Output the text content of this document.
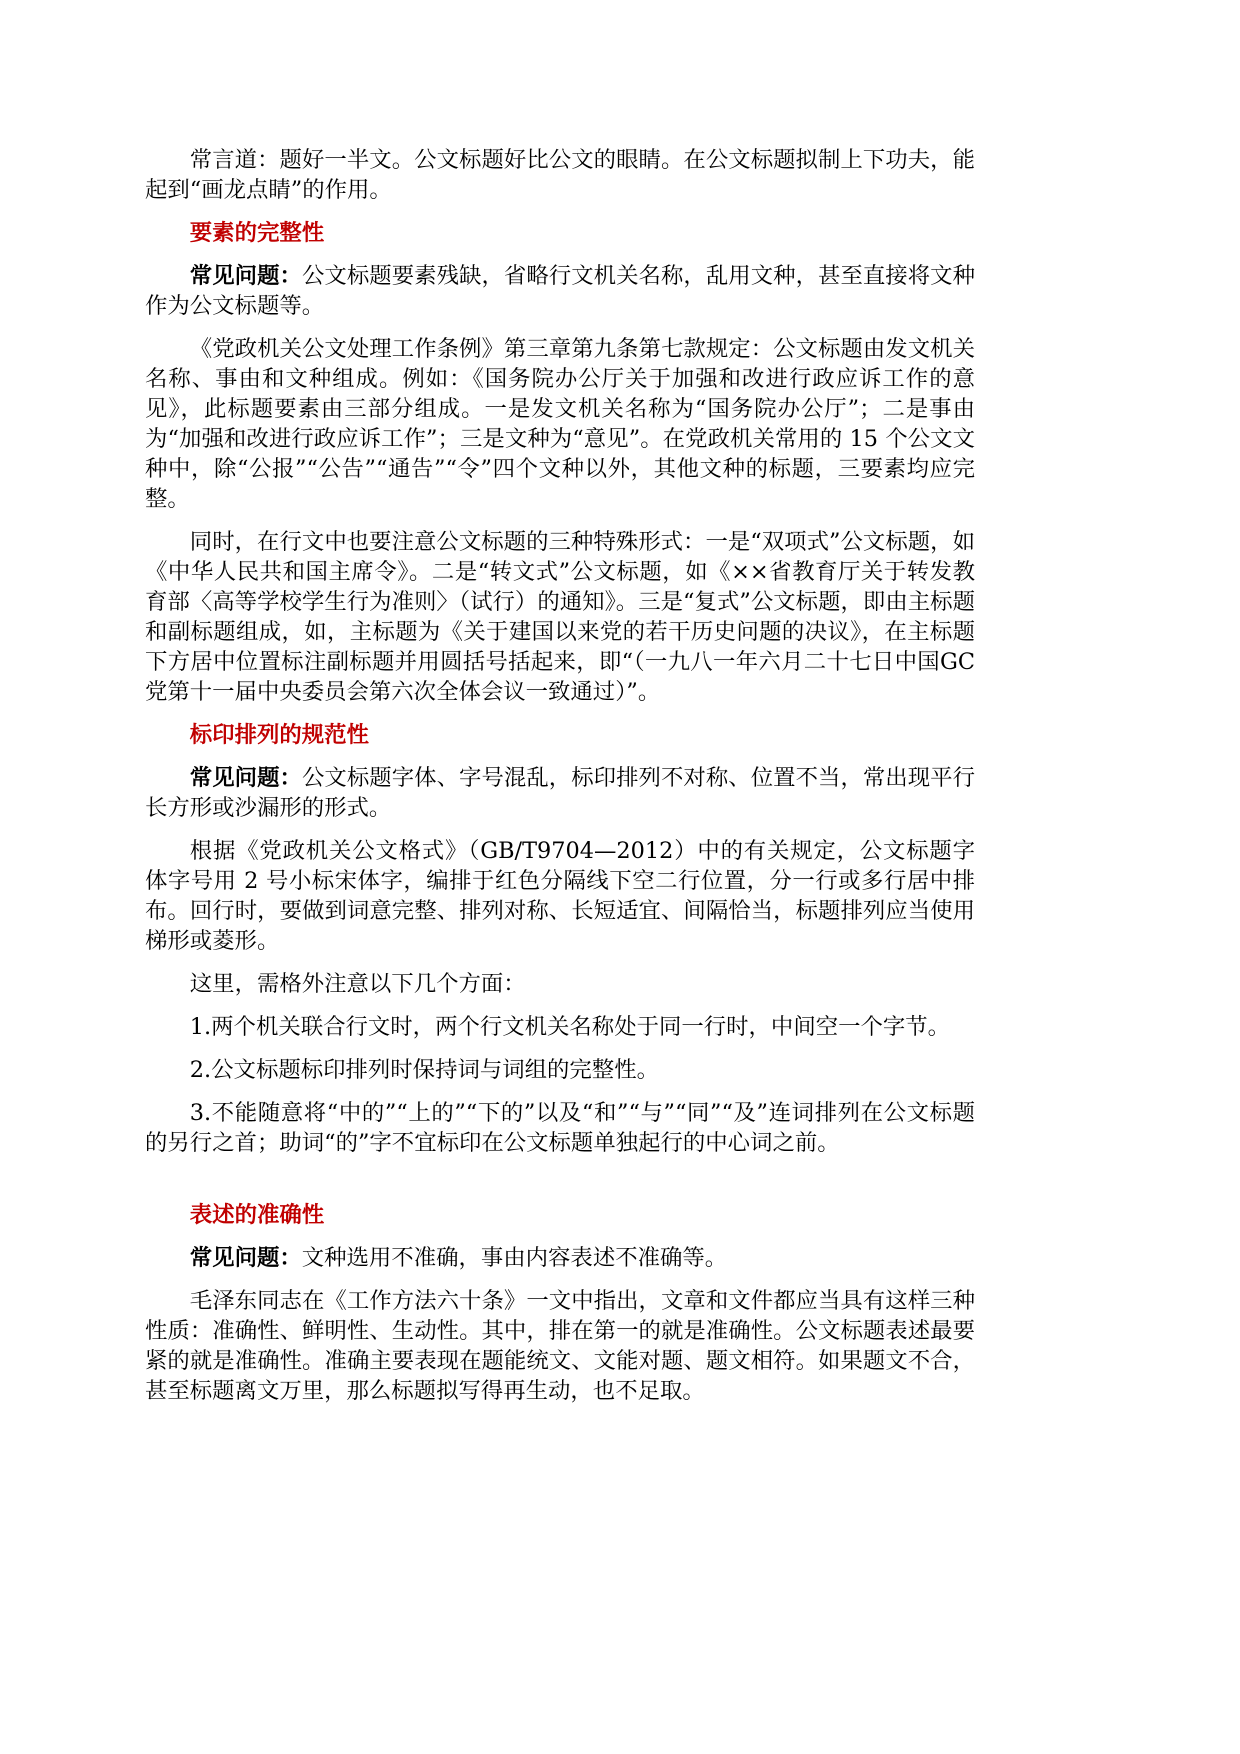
常言道：题好一半文。公文标题好比公文的眼睛。在公文标题拟制上下功夫，能起到“画龙点睛”的作用。

要素的完整性

常见问题：公文标题要素残缺，省略行文机关名称，乱用文种，甚至直接将文种作为公文标题等。

《党政机关公文处理工作条例》第三章第九条第七款规定：公文标题由发文机关名称、事由和文种组成。例如：《国务院办公厅关于加强和改进行政应诉工作的意见》，此标题要素由三部分组成。一是发文机关名称为“国务院办公厅”；二是事由为“加强和改进行政应诉工作”；三是文种为“意见”。在党政机关常用的 15 个公文文种中，除“公报”“公告”“通告”“令”四个文种以外，其他文种的标题，三要素均应完整。

同时，在行文中也要注意公文标题的三种特殊形式：一是“双项式”公文标题，如《中华人民共和国主席令》。二是“转文式”公文标题，如《××省教育厅关于转发教育部〈高等学校学生行为准则〉（试行）的通知》。三是“复式”公文标题，即由主标题和副标题组成，如，主标题为《关于建国以来党的若干历史问题的决议》，在主标题下方居中位置标注副标题并用圆括号括起来，即“（一九八一年六月二十七日中国GC党第十一届中央委员会第六次全体会议一致通过）”。

标印排列的规范性

常见问题：公文标题字体、字号混乱，标印排列不对称、位置不当，常出现平行长方形或沙漏形的形式。

根据《党政机关公文格式》（GB/T9704—2012）中的有关规定，公文标题字体字号用 2 号小标宋体字，编排于红色分隔线下空二行位置，分一行或多行居中排布。回行时，要做到词意完整、排列对称、长短适宜、间隔恰当，标题排列应当使用梯形或菱形。

这里，需格外注意以下几个方面：

1.两个机关联合行文时，两个行文机关名称处于同一行时，中间空一个字节。

2.公文标题标印排列时保持词与词组的完整性。

3.不能随意将“中的”“上的”“下的”以及“和”“与”“同”“及”连词排列在公文标题的另行之首；助词“的”字不宜标印在公文标题单独起行的中心词之前。

表述的准确性

常见问题：文种选用不准确，事由内容表述不准确等。

毛泽东同志在《工作方法六十条》一文中指出，文章和文件都应当具有这样三种性质：准确性、鲜明性、生动性。其中，排在第一的就是准确性。公文标题表述最要紧的就是准确性。准确主要表现在题能统文、文能对题、题文相符。如果题文不合，甚至标题离文万里，那么标题拟写得再生动，也不足取。
